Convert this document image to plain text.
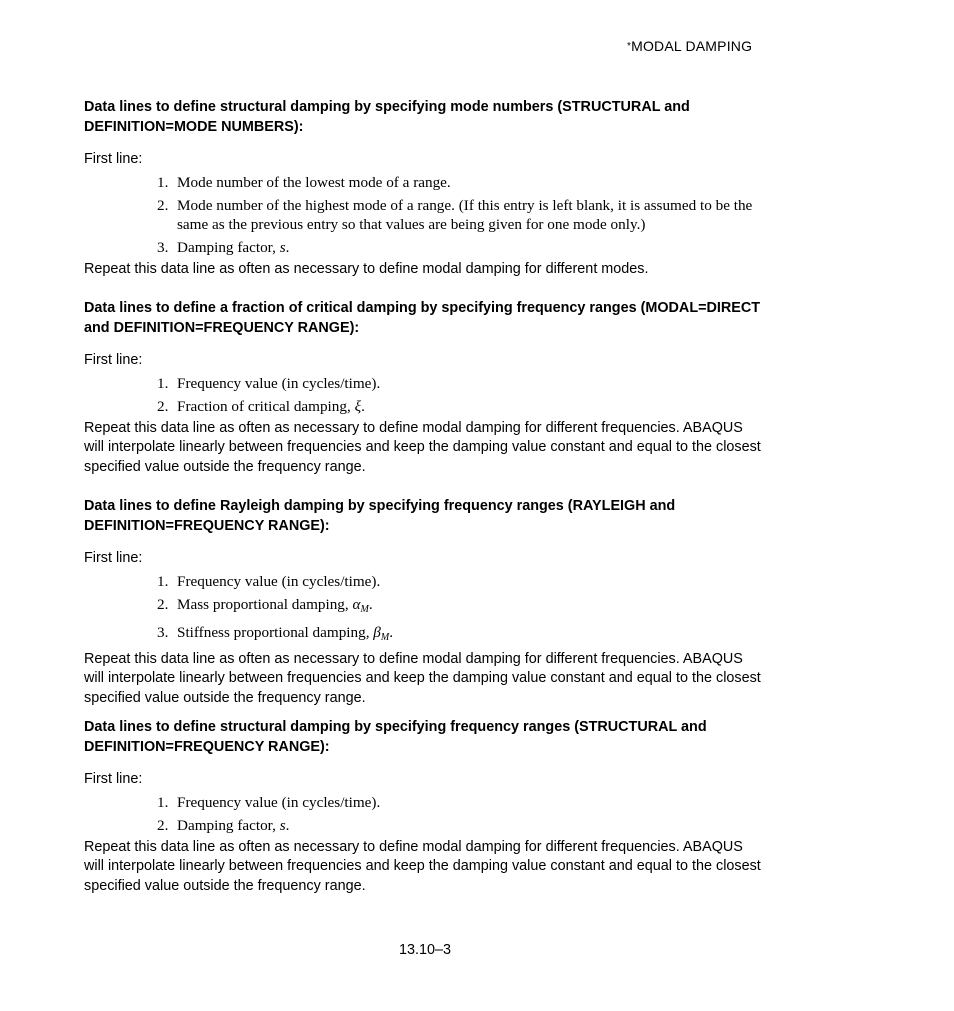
*MODAL DAMPING

Data lines to define structural damping by specifying mode numbers (STRUCTURAL and DEFINITION=MODE NUMBERS):

First line:

1. Mode number of the lowest mode of a range.
2. Mode number of the highest mode of a range. (If this entry is left blank, it is assumed to be the same as the previous entry so that values are being given for one mode only.)
3. Damping factor, s.

Repeat this data line as often as necessary to define modal damping for different modes.

Data lines to define a fraction of critical damping by specifying frequency ranges (MODAL=DIRECT and DEFINITION=FREQUENCY RANGE):

First line:

1. Frequency value (in cycles/time).
2. Fraction of critical damping, ξ.

Repeat this data line as often as necessary to define modal damping for different frequencies. ABAQUS will interpolate linearly between frequencies and keep the damping value constant and equal to the closest specified value outside the frequency range.

Data lines to define Rayleigh damping by specifying frequency ranges (RAYLEIGH and DEFINITION=FREQUENCY RANGE):

First line:

1. Frequency value (in cycles/time).
2. Mass proportional damping, $\alpha_M$.
3. Stiffness proportional damping, $\beta_M$.

Repeat this data line as often as necessary to define modal damping for different frequencies. ABAQUS will interpolate linearly between frequencies and keep the damping value constant and equal to the closest specified value outside the frequency range.

Data lines to define structural damping by specifying frequency ranges (STRUCTURAL and DEFINITION=FREQUENCY RANGE):

First line:

1. Frequency value (in cycles/time).
2. Damping factor, s.

Repeat this data line as often as necessary to define modal damping for different frequencies. ABAQUS will interpolate linearly between frequencies and keep the damping value constant and equal to the closest specified value outside the frequency range.

13.10–3
